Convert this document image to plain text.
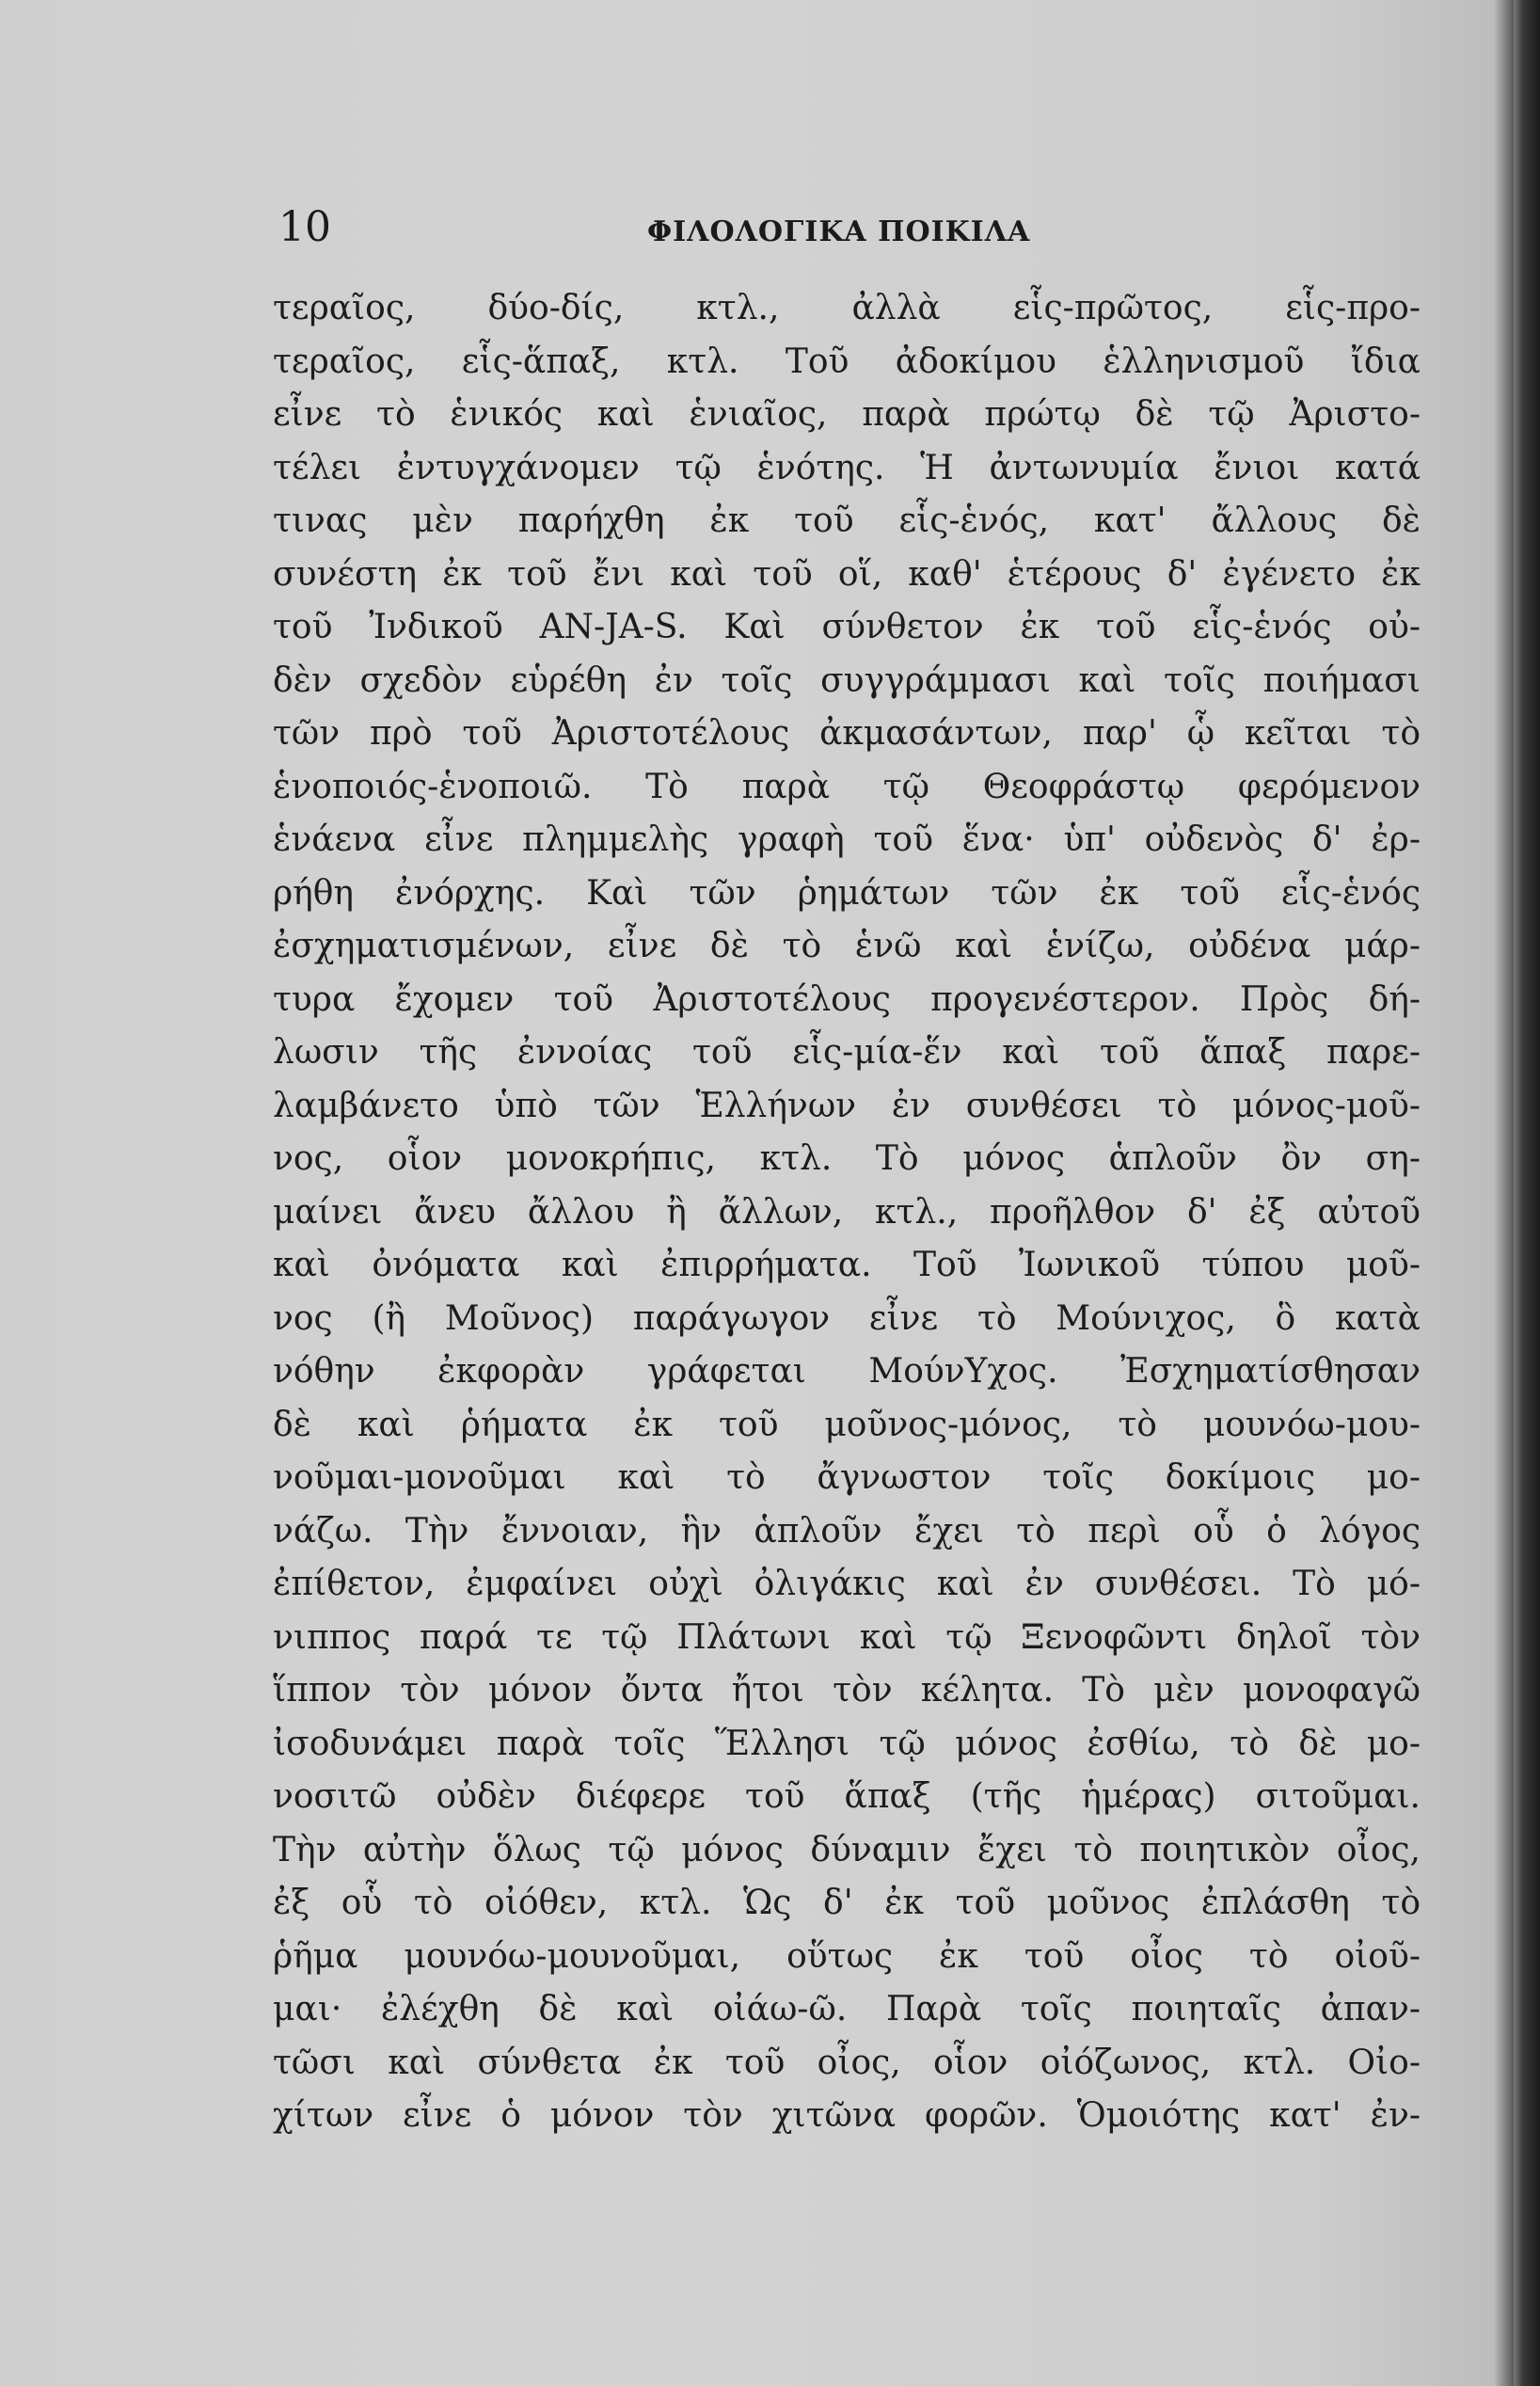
10	ΦΙΛΟΛΟΓΙΚΑ ΠΟΙΚΙΛΑ
τεραῖος, δύο-δίς, κτλ., ἀλλὰ εἷς-πρῶτος, εἷς-προ-
τεραῖος, εἷς-ἅπαξ, κτλ. Τοῦ ἀδοκίμου ἑλληνισμοῦ ἴδια
εἶνε τὸ ἑνικός καὶ ἑνιαῖος, παρὰ πρώτῳ δὲ τῷ Ἀριστο-
τέλει ἐντυγχάνομεν τῷ ἑνότης. Ἡ ἀντωνυμία ἔνιοι κατά
τινας μὲν παρήχθη ἐκ τοῦ εἷς-ἑνός, κατ' ἄλλους δὲ
συνέστη ἐκ τοῦ ἔνι καὶ τοῦ οἵ, καθ' ἑτέρους δ' ἐγένετο ἐκ
τοῦ Ἰνδικοῦ AN-JA-S. Καὶ σύνθετον ἐκ τοῦ εἷς-ἑνός οὐ-
δὲν σχεδὸν εὑρέθη ἐν τοῖς συγγράμμασι καὶ τοῖς ποιήμασι
τῶν πρὸ τοῦ Ἀριστοτέλους ἀκμασάντων, παρ' ᾧ κεῖται τὸ
ἑνοποιός-ἑνοποιῶ. Τὸ παρὰ τῷ Θεοφράστῳ φερόμενον
ἑνάενα εἶνε πλημμελὴς γραφὴ τοῦ ἕνα· ὑπ' οὐδενὸς δ' ἐρ-
ρήθη ἐνόρχης. Καὶ τῶν ῥημάτων τῶν ἐκ τοῦ εἷς-ἑνός
ἐσχηματισμένων, εἶνε δὲ τὸ ἑνῶ καὶ ἑνίζω, οὐδένα μάρ-
τυρα ἔχομεν τοῦ Ἀριστοτέλους προγενέστερον. Πρὸς δή-
λωσιν τῆς ἐννοίας τοῦ εἷς-μία-ἕν καὶ τοῦ ἅπαξ παρε-
λαμβάνετο ὑπὸ τῶν Ἑλλήνων ἐν συνθέσει τὸ μόνος-μοῦ-
νος, οἷον μονοκρήπις, κτλ. Τὸ μόνος ἁπλοῦν ὂν ση-
μαίνει ἄνευ ἄλλου ἢ ἄλλων, κτλ., προῆλθον δ' ἐξ αὐτοῦ
καὶ ὀνόματα καὶ ἐπιρρήματα. Τοῦ Ἰωνικοῦ τύπου μοῦ-
νος (ἢ Μοῦνος) παράγωγον εἶνε τὸ Μούνιχος, ὃ κατὰ
νόθην ἐκφορὰν γράφεται ΜούνΥχος. Ἐσχηματίσθησαν
δὲ καὶ ῥήματα ἐκ τοῦ μοῦνος-μόνος, τὸ μουνόω-μου-
νοῦμαι-μονοῦμαι καὶ τὸ ἄγνωστον τοῖς δοκίμοις μο-
νάζω. Τὴν ἔννοιαν, ἣν ἁπλοῦν ἔχει τὸ περὶ οὗ ὁ λόγος
ἐπίθετον, ἐμφαίνει οὐχὶ ὀλιγάκις καὶ ἐν συνθέσει. Τὸ μό-
νιππος παρά τε τῷ Πλάτωνι καὶ τῷ Ξενοφῶντι δηλοῖ τὸν
ἵππον τὸν μόνον ὄντα ἤτοι τὸν κέλητα. Τὸ μὲν μονοφαγῶ
ἰσοδυνάμει παρὰ τοῖς Ἕλλησι τῷ μόνος ἐσθίω, τὸ δὲ μο-
νοσιτῶ οὐδὲν διέφερε τοῦ ἅπαξ (τῆς ἡμέρας) σιτοῦμαι.
Τὴν αὐτὴν ὅλως τῷ μόνος δύναμιν ἔχει τὸ ποιητικὸν οἶος,
ἐξ οὗ τὸ οἰόθεν, κτλ. Ὡς δ' ἐκ τοῦ μοῦνος ἐπλάσθη τὸ
ῥῆμα μουνόω-μουνοῦμαι, οὕτως ἐκ τοῦ οἶος τὸ οἰοῦ-
μαι· ἐλέχθη δὲ καὶ οἰάω-ῶ. Παρὰ τοῖς ποιηταῖς ἀπαν-
τῶσι καὶ σύνθετα ἐκ τοῦ οἶος, οἷον οἰόζωνος, κτλ. Οἰο-
χίτων εἶνε ὁ μόνον τὸν χιτῶνα φορῶν. Ὁμοιότης κατ' ἐν-
